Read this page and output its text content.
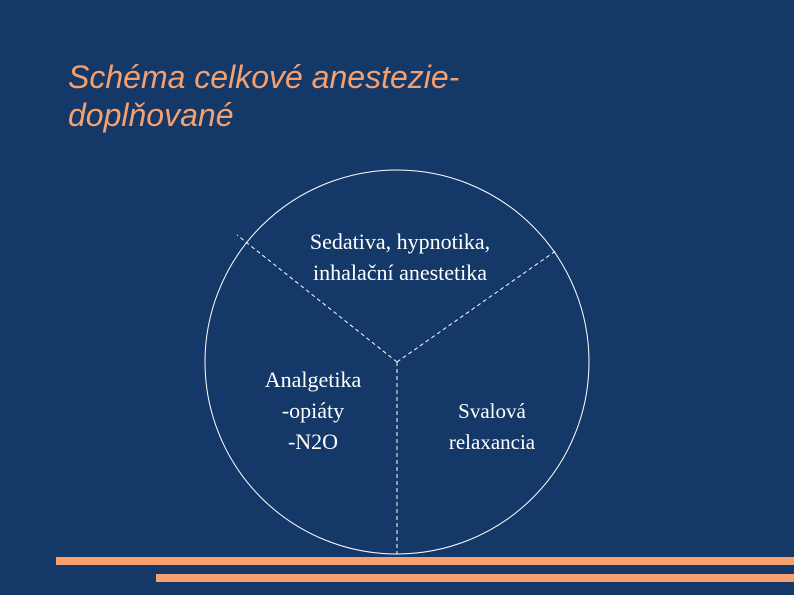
Schéma celkové anestezie-
doplňované
Sedativa, hypnotika,
inhalační anestetika
Analgetika
-opiáty
-N2O
Svalová
relaxancia
